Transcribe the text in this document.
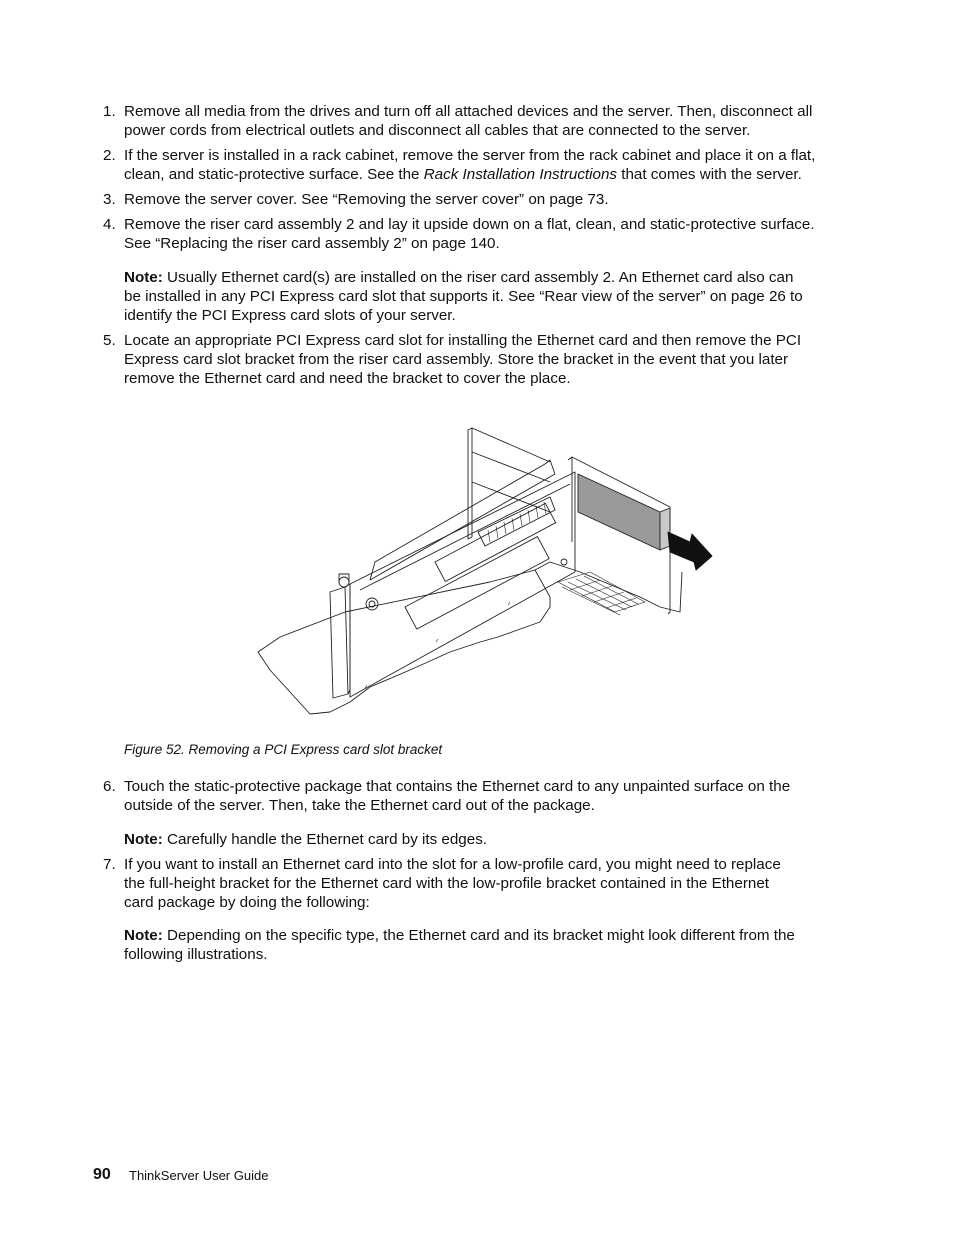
1. Remove all media from the drives and turn off all attached devices and the server. Then, disconnect all
power cords from electrical outlets and disconnect all cables that are connected to the server.
2. If the server is installed in a rack cabinet, remove the server from the rack cabinet and place it on a flat,
clean, and static-protective surface. See the Rack Installation Instructions that comes with the server.
3. Remove the server cover. See “Removing the server cover” on page 73.
4. Remove the riser card assembly 2 and lay it upside down on a flat, clean, and static-protective surface.
See “Replacing the riser card assembly 2” on page 140.
Note: Usually Ethernet card(s) are installed on the riser card assembly 2. An Ethernet card also can
be installed in any PCI Express card slot that supports it. See “Rear view of the server” on page 26 to
identify the PCI Express card slots of your server.
5. Locate an appropriate PCI Express card slot for installing the Ethernet card and then remove the PCI
Express card slot bracket from the riser card assembly. Store the bracket in the event that you later
remove the Ethernet card and need the bracket to cover the place.
Figure 52. Removing a PCI Express card slot bracket
6. Touch the static-protective package that contains the Ethernet card to any unpainted surface on the
outside of the server. Then, take the Ethernet card out of the package.
Note: Carefully handle the Ethernet card by its edges.
7. If you want to install an Ethernet card into the slot for a low-profile card, you might need to replace
the full-height bracket for the Ethernet card with the low-profile bracket contained in the Ethernet
card package by doing the following:
Note: Depending on the specific type, the Ethernet card and its bracket might look different from the
following illustrations.
90 ThinkServer User Guide
